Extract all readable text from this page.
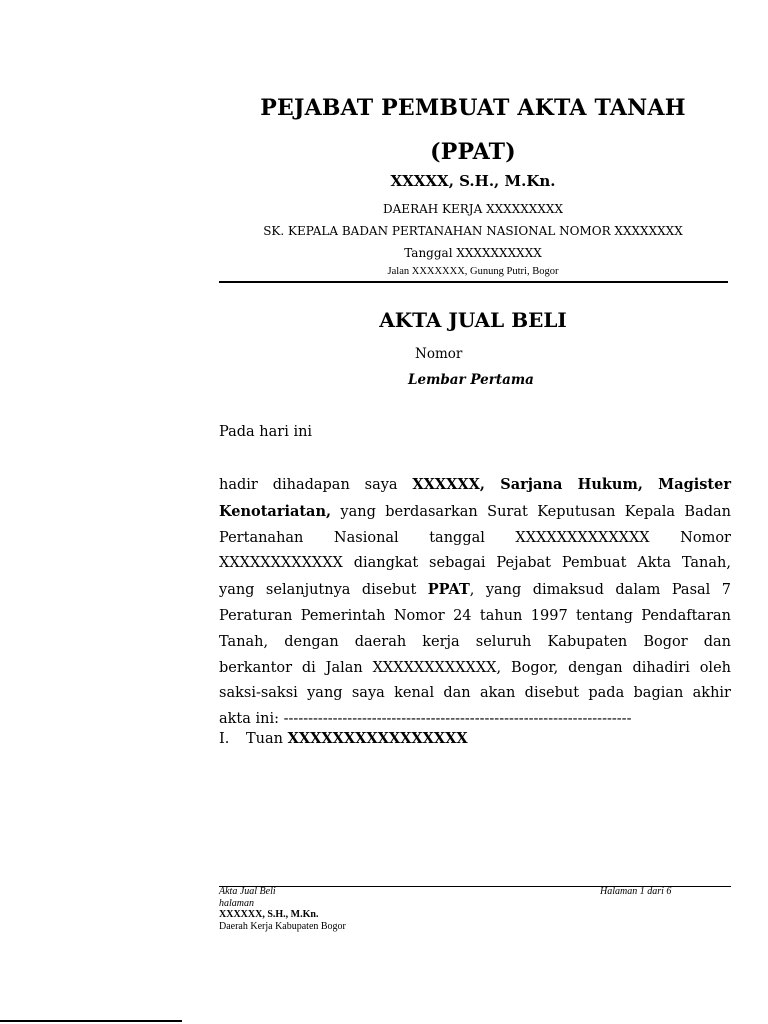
PEJABAT PEMBUAT AKTA TANAH
(PPAT)
XXXXX, S.H., M.Kn.
DAERAH KERJA XXXXXXXXX
SK. KEPALA BADAN PERTANAHAN NASIONAL NOMOR XXXXXXXX
Tanggal XXXXXXXXXX
Jalan XXXXXXX, Gunung Putri, Bogor
AKTA JUAL BELI
Nomor
Lembar Pertama
Pada hari ini
hadir dihadapan saya XXXXXX, Sarjana Hukum, Magister
Kenotariatan, yang berdasarkan Surat Keputusan Kepala Badan
Pertanahan Nasional tanggal XXXXXXXXXXXXX Nomor
XXXXXXXXXXXX diangkat sebagai Pejabat Pembuat Akta Tanah,
yang selanjutnya disebut PPAT, yang dimaksud dalam Pasal 7
Peraturan Pemerintah Nomor 24 tahun 1997 tentang Pendaftaran
Tanah, dengan daerah kerja seluruh Kabupaten Bogor dan
berkantor di Jalan XXXXXXXXXXXX, Bogor, dengan dihadiri oleh
saksi-saksi yang saya kenal dan akan disebut pada bagian akhir
akta ini: -----------------------------------------------------------------------
I. Tuan XXXXXXXXXXXXXXXX
Akta Jual Beli	Halaman 1 dari 6
halaman
XXXXXX, S.H., M.Kn.
Daerah Kerja Kabupaten Bogor
